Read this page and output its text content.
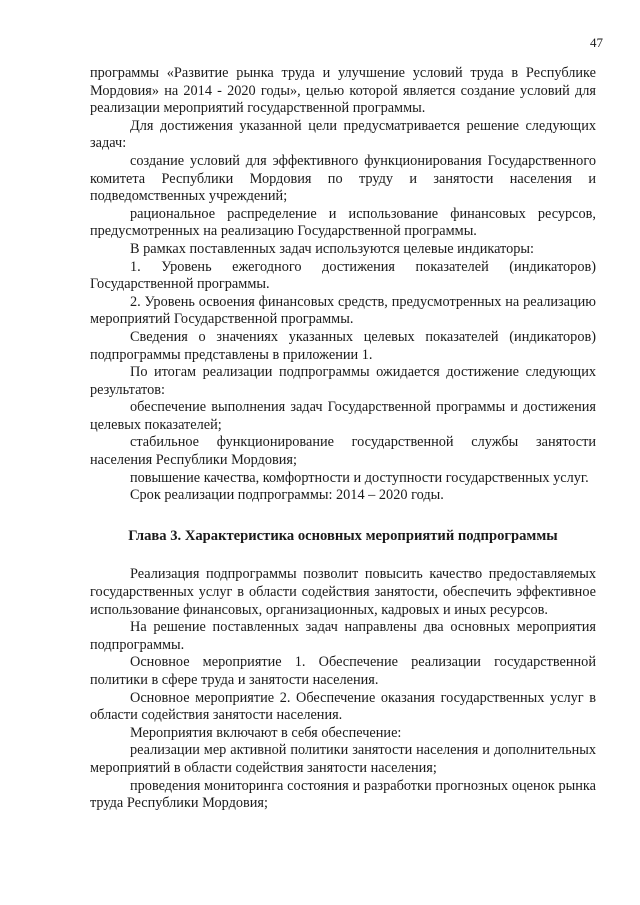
47

программы «Развитие рынка труда и улучшение условий труда в Республике Мордовия» на 2014 - 2020 годы», целью которой является создание условий для реализации мероприятий государственной программы.

Для достижения указанной цели предусматривается решение следующих задач:

создание условий для эффективного функционирования Государственного комитета Республики Мордовия по труду и занятости населения и подведомственных учреждений;

рациональное распределение и использование финансовых ресурсов, предусмотренных на реализацию Государственной программы.

В рамках поставленных задач используются целевые индикаторы:

1. Уровень ежегодного достижения показателей (индикаторов) Государственной программы.

2. Уровень освоения финансовых средств, предусмотренных на реализацию мероприятий Государственной программы.

Сведения о значениях указанных целевых показателей (индикаторов) подпрограммы представлены в приложении 1.

По итогам реализации подпрограммы ожидается достижение следующих результатов:

обеспечение выполнения задач Государственной программы и достижения целевых показателей;

стабильное функционирование государственной службы занятости населения Республики Мордовия;

повышение качества, комфортности и доступности государственных услуг.

Срок реализации подпрограммы: 2014 – 2020 годы.

Глава 3. Характеристика основных мероприятий подпрограммы

Реализация подпрограммы позволит повысить качество предоставляемых государственных услуг в области содействия занятости, обеспечить эффективное использование финансовых, организационных, кадровых и иных ресурсов.

На решение поставленных задач направлены два основных мероприятия подпрограммы.

Основное мероприятие 1. Обеспечение реализации государственной политики в сфере труда и занятости населения.

Основное мероприятие 2. Обеспечение оказания государственных услуг в области содействия занятости населения.

Мероприятия включают в себя обеспечение:

реализации мер активной политики занятости населения и дополнительных мероприятий в области содействия занятости населения;

проведения мониторинга состояния и разработки прогнозных оценок рынка труда Республики Мордовия;
